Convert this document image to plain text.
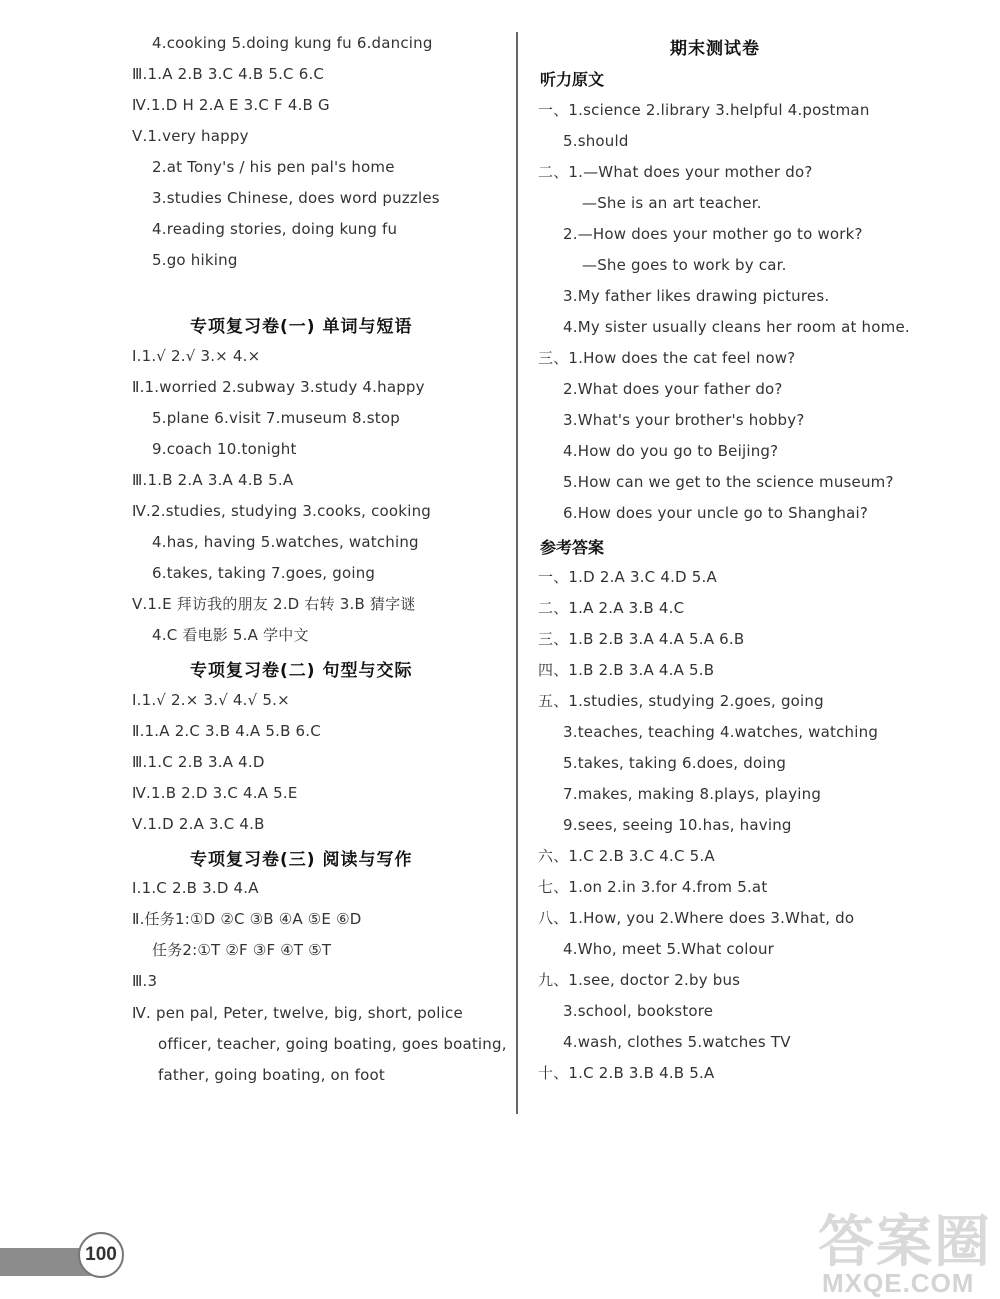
4.cooking 5.doing kung fu 6.dancing
Ⅲ.1.A 2.B 3.C 4.B 5.C 6.C
Ⅳ.1.D H 2.A E 3.C F 4.B G
Ⅴ.1.very happy
2.at Tony's / his pen pal's home
3.studies Chinese, does word puzzles
4.reading stories, doing kung fu
5.go hiking
专项复习卷(一) 单词与短语
Ⅰ.1.√ 2.√ 3.× 4.×
Ⅱ.1.worried 2.subway 3.study 4.happy
5.plane 6.visit 7.museum 8.stop
9.coach 10.tonight
Ⅲ.1.B 2.A 3.A 4.B 5.A
Ⅳ.2.studies, studying 3.cooks, cooking
4.has, having 5.watches, watching
6.takes, taking 7.goes, going
Ⅴ.1.E 拜访我的朋友 2.D 右转 3.B 猜字谜
4.C 看电影 5.A 学中文
专项复习卷(二) 句型与交际
Ⅰ.1.√ 2.× 3.√ 4.√ 5.×
Ⅱ.1.A 2.C 3.B 4.A 5.B 6.C
Ⅲ.1.C 2.B 3.A 4.D
Ⅳ.1.B 2.D 3.C 4.A 5.E
Ⅴ.1.D 2.A 3.C 4.B
专项复习卷(三) 阅读与写作
Ⅰ.1.C 2.B 3.D 4.A
Ⅱ.任务1:①D ②C ③B ④A ⑤E ⑥D
任务2:①T ②F ③F ④T ⑤T
Ⅲ.3
Ⅳ. pen pal, Peter, twelve, big, short, police
officer, teacher, going boating, goes boating,
father, going boating, on foot
期末测试卷
听力原文
一、1.science 2.library 3.helpful 4.postman
5.should
二、1.—What does your mother do?
—She is an art teacher.
2.—How does your mother go to work?
—She goes to work by car.
3.My father likes drawing pictures.
4.My sister usually cleans her room at home.
三、1.How does the cat feel now?
2.What does your father do?
3.What's your brother's hobby?
4.How do you go to Beijing?
5.How can we get to the science museum?
6.How does your uncle go to Shanghai?
参考答案
一、1.D 2.A 3.C 4.D 5.A
二、1.A 2.A 3.B 4.C
三、1.B 2.B 3.A 4.A 5.A 6.B
四、1.B 2.B 3.A 4.A 5.B
五、1.studies, studying 2.goes, going
3.teaches, teaching 4.watches, watching
5.takes, taking 6.does, doing
7.makes, making 8.plays, playing
9.sees, seeing 10.has, having
六、1.C 2.B 3.C 4.C 5.A
七、1.on 2.in 3.for 4.from 5.at
八、1.How, you 2.Where does 3.What, do
4.Who, meet 5.What colour
九、1.see, doctor 2.by bus
3.school, bookstore
4.wash, clothes 5.watches TV
十、1.C 2.B 3.B 4.B 5.A
100	答案圈
MXQE.COM
